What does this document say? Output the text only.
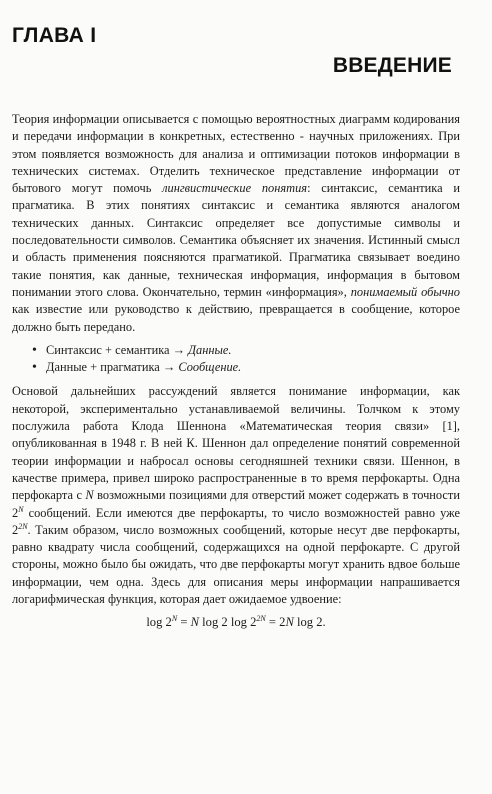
ГЛАВА I
ВВЕДЕНИЕ

Теория информации описывается с помощью вероятностных диаграмм кодирования и передачи информации в конкретных, естественно - научных приложениях. При этом появляется возможность для анализа и оптимизации потоков информации в технических системах. Отделить техническое представление информации от бытового могут помочь лингвистические понятия: синтаксис, семантика и прагматика. В этих понятиях синтаксис и семантика являются аналогом технических данных. Синтаксис определяет все допустимые символы и последовательности символов. Семантика объясняет их значения. Истинный смысл и область применения поясняются прагматикой. Прагматика связывает воедино такие понятия, как данные, техническая информация, информация в бытовом понимании этого слова. Окончательно, термин «информация», понимаемый обычно как известие или руководство к действию, превращается в сообщение, которое должно быть передано.

• Синтаксис + семантика → Данные.
• Данные + прагматика → Сообщение.

Основой дальнейших рассуждений является понимание информации, как некоторой, экспериментально устанавливаемой величины. Толчком к этому послужила работа Клода Шеннона «Математическая теория связи» [1], опубликованная в 1948 г. В ней К. Шеннон дал определение понятий современной теории информации и набросал основы сегодняшней техники связи. Шеннон, в качестве примера, привел широко распространенные в то время перфокарты. Одна перфокарта с N возможными позициями для отверстий может содержать в точности $2^N$ сообщений. Если имеются две перфокарты, то число возможностей равно уже $2^{2N}$. Таким образом, число возможных сообщений, которые несут две перфокарты, равно квадрату числа сообщений, содержащихся на одной перфокарте. С другой стороны, можно было бы ожидать, что две перфокарты могут хранить вдвое больше информации, чем одна. Здесь для описания меры информации напрашивается логарифмическая функция, которая дает ожидаемое удвоение:

$\log 2^N = N$ log 2 $\log 2^{2N} = 2N$ log 2.
